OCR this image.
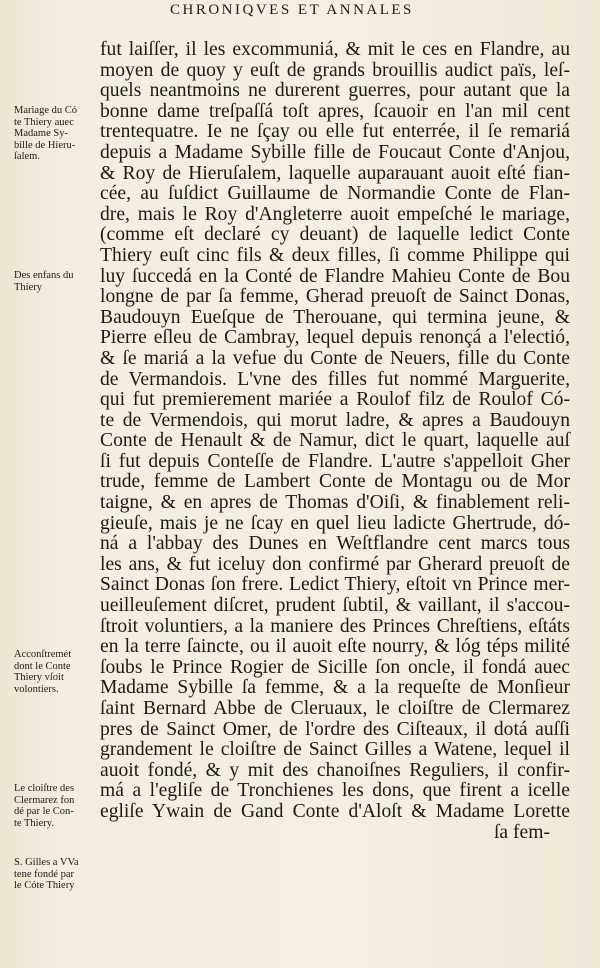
CHRONIQVES ET ANNALES
fut laiſſer, il les excommuniá, & mit le ces en Flandre, au
moyen de quoy y euſt de grands brouillis audict païs, leſ-
quels neantmoins ne durerent guerres, pour autant que la
bonne dame treſpaſſá toſt apres, ſcauoir en l'an mil cent
trentequatre. Ie ne ſçay ou elle fut enterrée, il ſe remariá
depuis a Madame Sybille fille de Foucaut Conte d'Anjou,
& Roy de Hieruſalem, laquelle auparauant auoit eſté fian-
cée, au ſuſdict Guillaume de Normandie Conte de Flan-
dre, mais le Roy d'Angleterre auoit empeſché le mariage,
(comme eſt declaré cy deuant) de laquelle ledict Conte
Thiery euſt cinc fils & deux filles, ſi comme Philippe qui
luy ſuccedá en la Conté de Flandre Mahieu Conte de Bou
longne de par ſa femme, Gherad preuoſt de Sainct Donas,
Baudouyn Eueſque de Therouane, qui termina jeune, &
Pierre eſleu de Cambray, lequel depuis renonçá a l'electió,
& ſe mariá a la vefue du Conte de Neuers, fille du Conte
de Vermandois. L'vne des filles fut nommé Marguerite,
qui fut premierement mariée a Roulof filz de Roulof Có-
te de Vermendois, qui morut ladre, & apres a Baudouyn
Conte de Henault & de Namur, dict le quart, laquelle auſ
ſi fut depuis Conteſſe de Flandre. L'autre s'appelloit Gher
trude, femme de Lambert Conte de Montagu ou de Mor
taigne, & en apres de Thomas d'Oiſi, & finablement reli-
gieuſe, mais je ne ſcay en quel lieu ladicte Ghertrude, dó-
ná a l'abbay des Dunes en Weſtflandre cent marcs tous
les ans, & fut iceluy don confirmé par Gherard preuoſt de
Sainct Donas ſon frere. Ledict Thiery, eſtoit vn Prince mer-
ueilleuſement diſcret, prudent ſubtil, & vaillant, il s'accou-
ſtroit voluntiers, a la maniere des Princes Chreſtiens, eſtáts
en la terre ſaincte, ou il auoit eſte nourry, & lóg téps milité
ſoubs le Prince Rogier de Sicille ſon oncle, il fondá auec
Madame Sybille ſa femme, & a la requeſte de Monſieur
ſaint Bernard Abbe de Cleruaux, le cloiſtre de Clermarez
pres de Sainct Omer, de l'ordre des Ciſteaux, il dotá auſſi
grandement le cloiſtre de Sainct Gilles a Watene, lequel il
auoit fondé, & y mit des chanoiſnes Reguliers, il confir-
má a l'egliſe de Tronchienes les dons, que firent a icelle
egliſe Ywain de Gand Conte d'Aloſt & Madame Lorette
ſa fem-
Mariage du Có
te Thiery auec
Madame Sy-
bille de Hieru-
ſalem.
Des enfans du
Thiery
Acconſtremét
dont le Conte
Thiery vſoit
volontiers.
Le cloiſtre des
Clermarez fon
dé par le Con-
te Thiery.
S. Gilles a VVa
tene fondé par
le Cóte Thiery
